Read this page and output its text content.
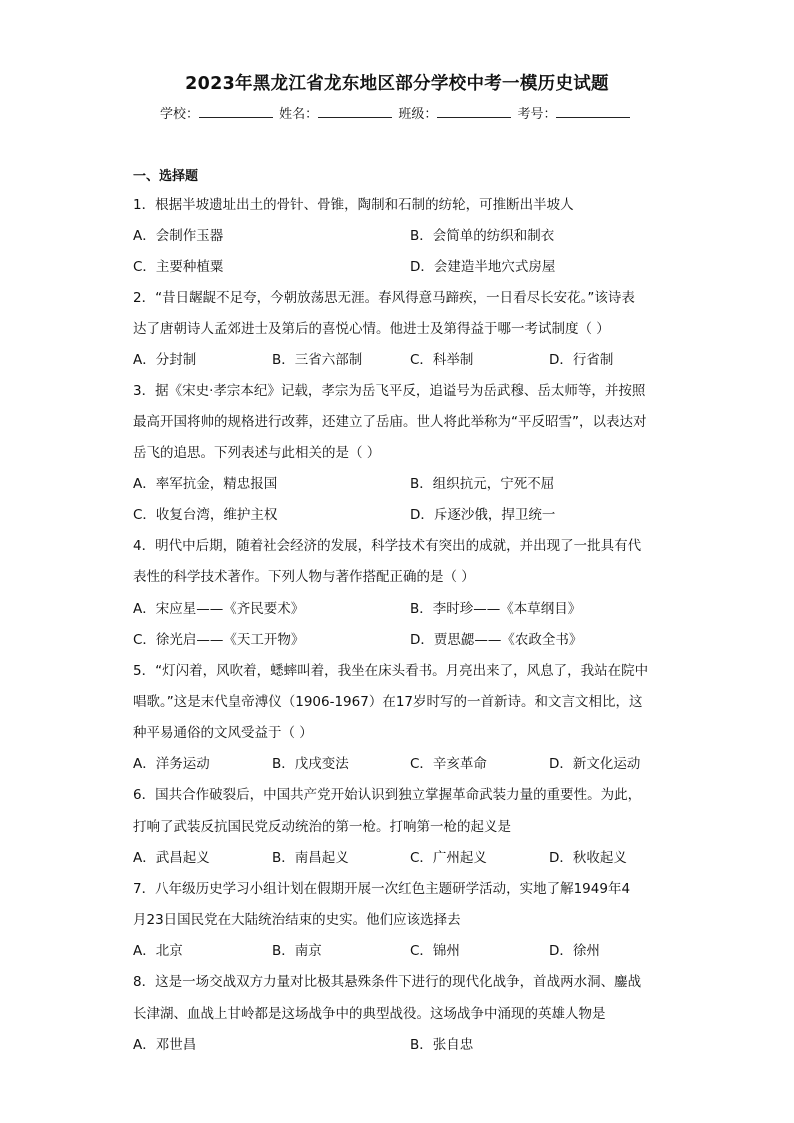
2023年黑龙江省龙东地区部分学校中考一模历史试题
学校：	姓名：	班级：	考号：
一、选择题
1．根据半坡遗址出土的骨针、骨锥，陶制和石制的纺轮，可推断出半坡人
A．会制作玉器	B．会简单的纺织和制衣
C．主要种植粟	D．会建造半地穴式房屋
2．“昔日龌龊不足夸，今朝放荡思无涯。春风得意马蹄疾，一日看尽长安花。”该诗表
达了唐朝诗人孟郊进士及第后的喜悦心情。他进士及第得益于哪一考试制度（ ）
A．分封制	B．三省六部制	C．科举制	D．行省制
3．据《宋史·孝宗本纪》记载，孝宗为岳飞平反，追谥号为岳武穆、岳太师等，并按照
最高开国将帅的规格进行改葬，还建立了岳庙。世人将此举称为“平反昭雪”，以表达对
岳飞的追思。下列表述与此相关的是（ ）
A．率军抗金，精忠报国	B．组织抗元，宁死不屈
C．收复台湾，维护主权	D．斥逐沙俄，捍卫统一
4．明代中后期，随着社会经济的发展，科学技术有突出的成就，并出现了一批具有代
表性的科学技术著作。下列人物与著作搭配正确的是（ ）
A．宋应星——《齐民要术》	B．李时珍——《本草纲目》
C．徐光启——《天工开物》	D．贾思勰——《农政全书》
5．“灯闪着，风吹着，蟋蟀叫着，我坐在床头看书。月亮出来了，风息了，我站在院中
唱歌。”这是末代皇帝溥仪（1906-1967）在17岁时写的一首新诗。和文言文相比，这
种平易通俗的文风受益于（ ）
A．洋务运动	B．戊戌变法	C．辛亥革命	D．新文化运动
6．国共合作破裂后，中国共产党开始认识到独立掌握革命武装力量的重要性。为此，
打响了武装反抗国民党反动统治的第一枪。打响第一枪的起义是
A．武昌起义	B．南昌起义	C．广州起义	D．秋收起义
7．八年级历史学习小组计划在假期开展一次红色主题研学活动，实地了解1949年4
月23日国民党在大陆统治结束的史实。他们应该选择去
A．北京	B．南京	C．锦州	D．徐州
8．这是一场交战双方力量对比极其悬殊条件下进行的现代化战争，首战两水洞、鏖战
长津湖、血战上甘岭都是这场战争中的典型战役。这场战争中涌现的英雄人物是
A．邓世昌	B．张自忠
